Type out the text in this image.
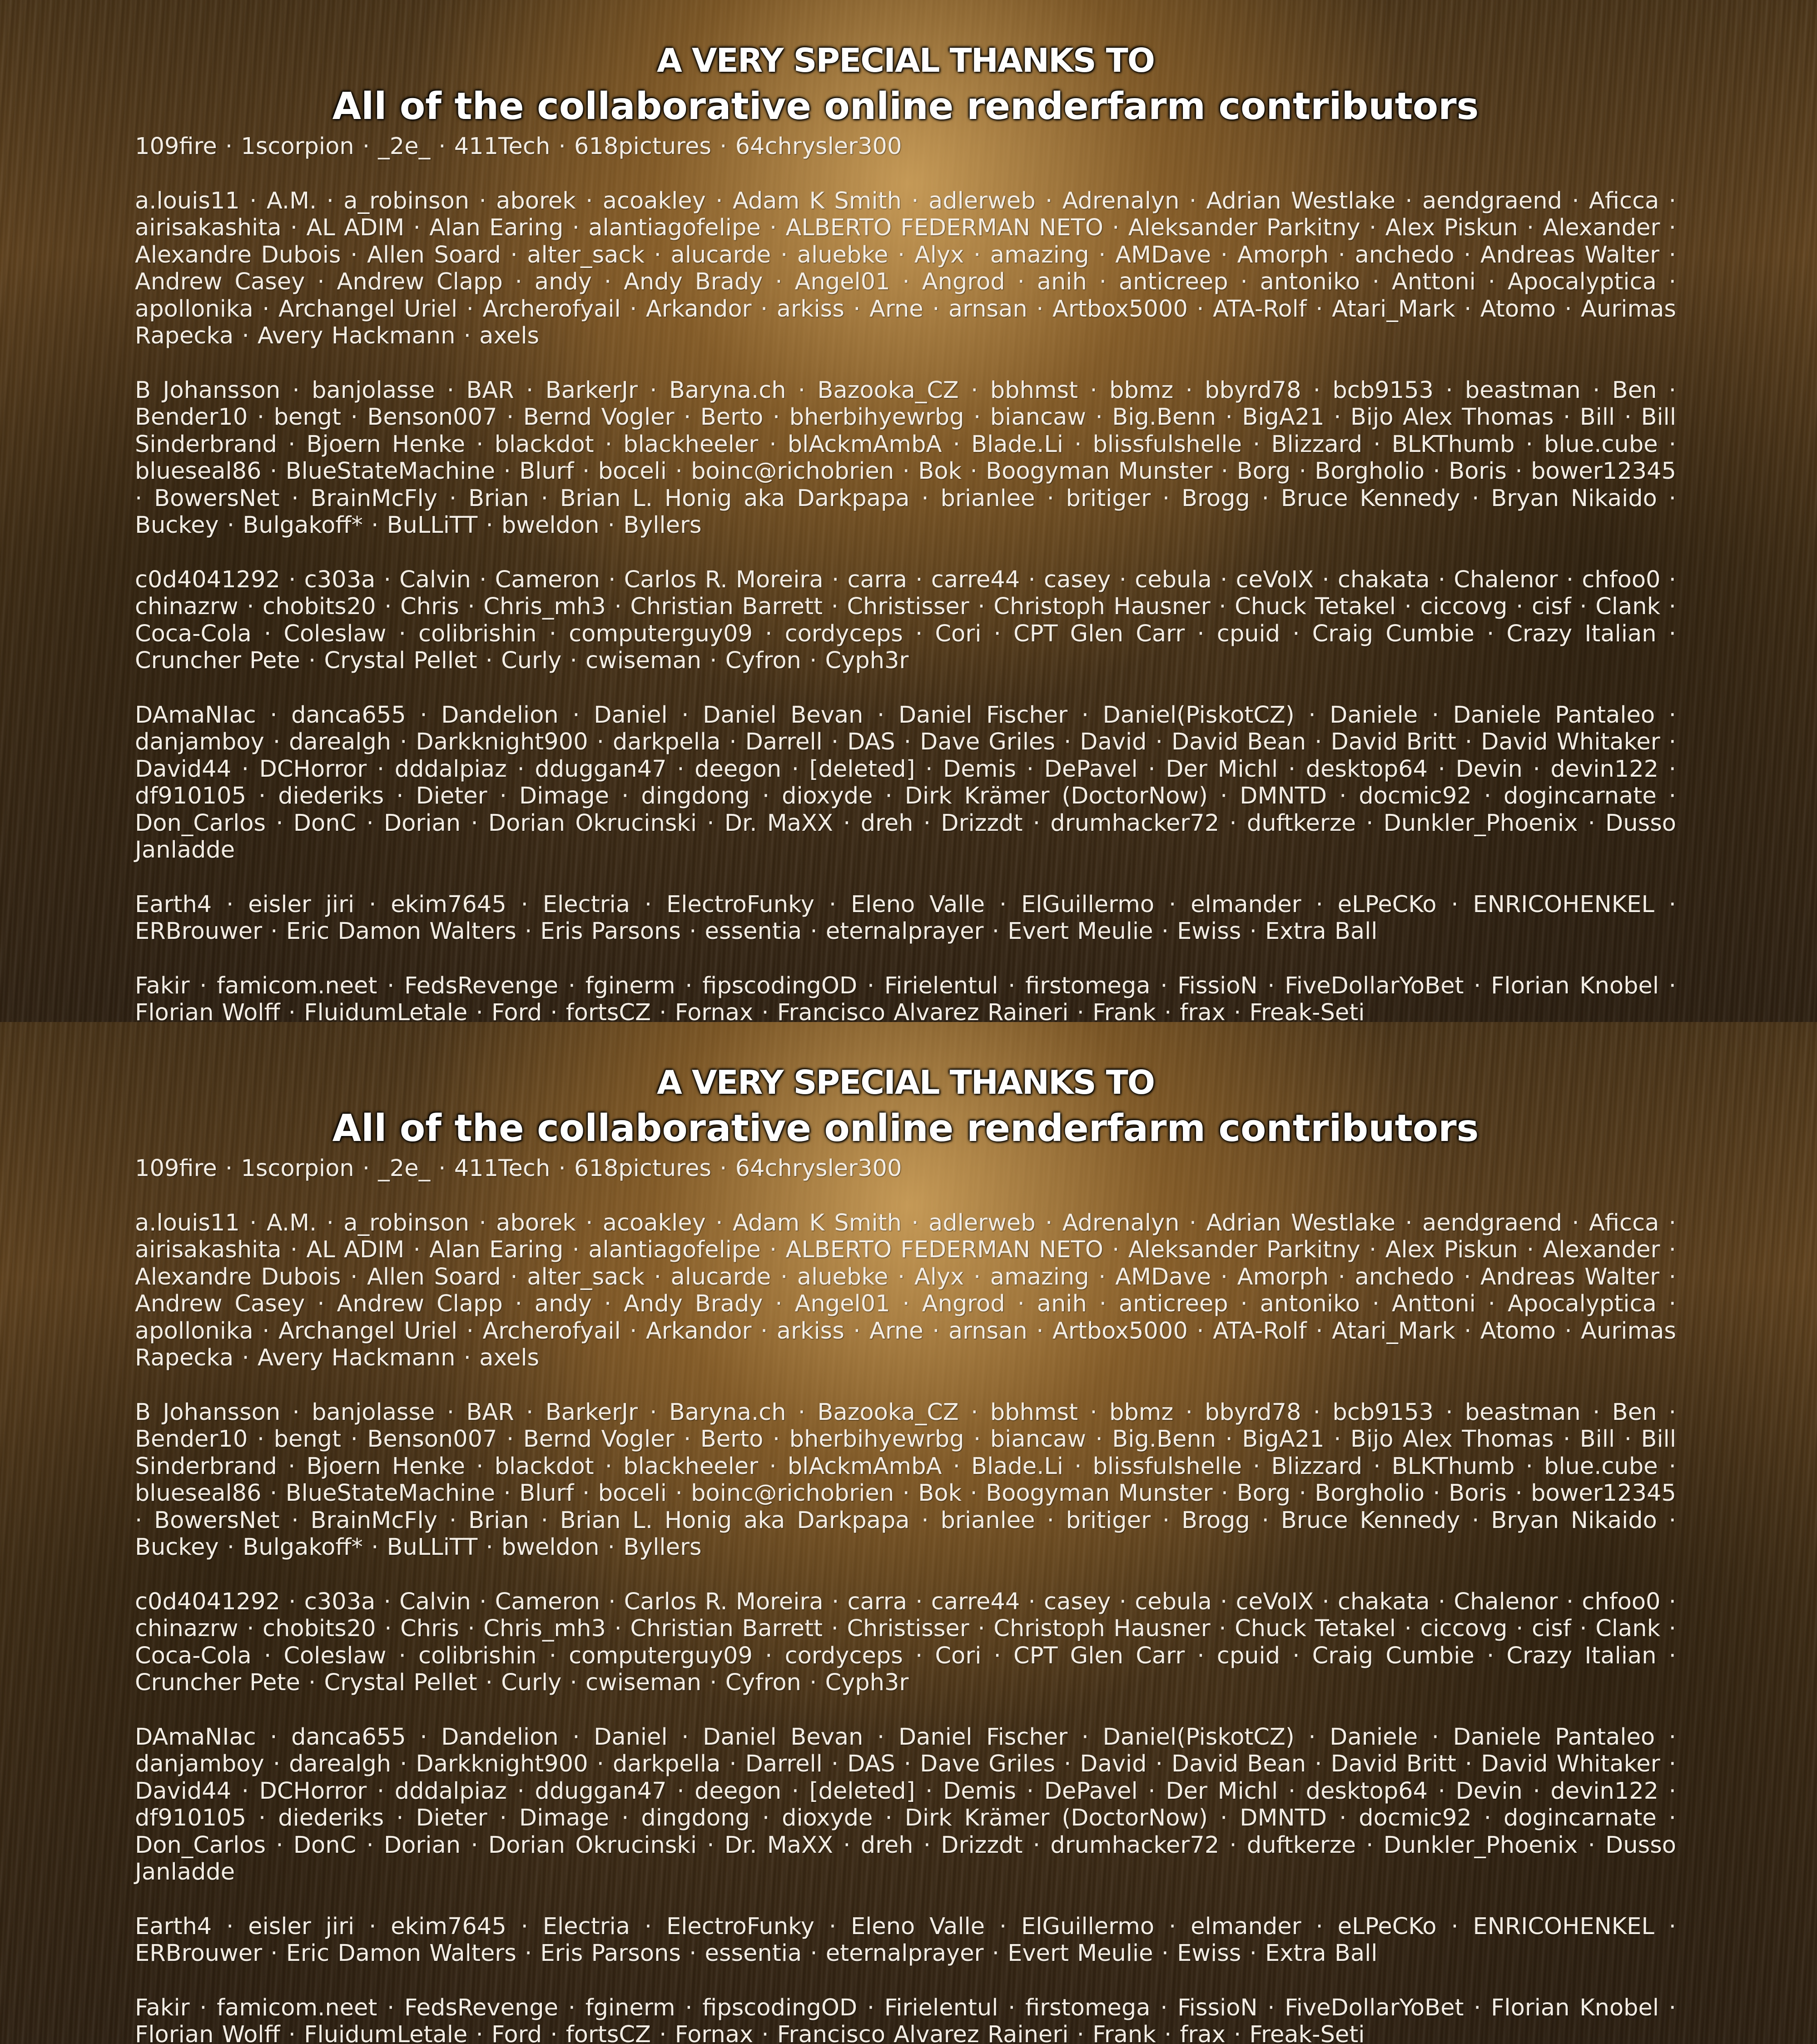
A VERY SPECIAL THANKS TO
All of the collaborative online renderfarm contributors

109fire · 1scorpion · _2e_ · 411Tech · 618pictures · 64chrysler300

a.louis11 · A.M. · a_robinson · aborek · acoakley · Adam K Smith · adlerweb · Adrenalyn · Adrian Westlake · aendgraend · Aficca · airisakashita · AL ADIM · Alan Earing · alantiagofelipe · ALBERTO FEDERMAN NETO · Aleksander Parkitny · Alex Piskun · Alexander · Alexandre Dubois · Allen Soard · alter_sack · alucarde · aluebke · Alyx · amazing · AMDave · Amorph · anchedo · Andreas Walter · Andrew Casey · Andrew Clapp · andy · Andy Brady · Angel01 · Angrod · anih · anticreep · antoniko · Anttoni · Apocalyptica · apollonika · Archangel Uriel · Archerofyail · Arkandor · arkiss · Arne · arnsan · Artbox5000 · ATA-Rolf · Atari_Mark · Atomo · Aurimas Rapecka · Avery Hackmann · axels

B Johansson · banjolasse · BAR · BarkerJr · Baryna.ch · Bazooka_CZ · bbhmst · bbmz · bbyrd78 · bcb9153 · beastman · Ben · Bender10 · bengt · Benson007 · Bernd Vogler · Berto · bherbihyewrbg · biancaw · Big.Benn · BigA21 · Bijo Alex Thomas · Bill · Bill Sinderbrand · Bjoern Henke · blackdot · blackheeler · blAckmAmbA · Blade.Li · blissfulshelle · Blizzard · BLKThumb · blue.cube · blueseal86 · BlueStateMachine · Blurf · boceli · boinc@richobrien · Bok · Boogyman Munster · Borg · Borgholio · Boris · bower12345 · BowersNet · BrainMcFly · Brian · Brian L. Honig aka Darkpapa · brianlee · britiger · Brogg · Bruce Kennedy · Bryan Nikaido · Buckey · Bulgakoff* · BuLLiTT · bweldon · Byllers

c0d4041292 · c303a · Calvin · Cameron · Carlos R. Moreira · carra · carre44 · casey · cebula · ceVoIX · chakata · Chalenor · chfoo0 · chinazrw · chobits20 · Chris · Chris_mh3 · Christian Barrett · Christisser · Christoph Hausner · Chuck Tetakel · ciccovg · cisf · Clank · Coca-Cola · Coleslaw · colibrishin · computerguy09 · cordyceps · Cori · CPT Glen Carr · cpuid · Craig Cumbie · Crazy Italian · Cruncher Pete · Crystal Pellet · Curly · cwiseman · Cyfron · Cyph3r

DAmaNIac · danca655 · Dandelion · Daniel · Daniel Bevan · Daniel Fischer · Daniel(PiskotCZ) · Daniele · Daniele Pantaleo · danjamboy · darealgh · Darkknight900 · darkpella · Darrell · DAS · Dave Griles · David · David Bean · David Britt · David Whitaker · David44 · DCHorror · dddalpiaz · dduggan47 · deegon · [deleted] · Demis · DePavel · Der Michl · desktop64 · Devin · devin122 · df910105 · diederiks · Dieter · Dimage · dingdong · dioxyde · Dirk Krämer (DoctorNow) · DMNTD · docmic92 · dogincarnate · Don_Carlos · DonC · Dorian · Dorian Okrucinski · Dr. MaXX · dreh · Drizzdt · drumhacker72 · duftkerze · Dunkler_Phoenix · Dusso Janladde

Earth4 · eisler jiri · ekim7645 · Electria · ElectroFunky · Eleno Valle · ElGuillermo · elmander · eLPeCKo · ENRICOHENKEL · ERBrouwer · Eric Damon Walters · Eris Parsons · essentia · eternalprayer · Evert Meulie · Ewiss · Extra Ball

Fakir · famicom.neet · FedsRevenge · fginerm · fipscodingOD · Firielentul · firstomega · FissioN · FiveDollarYoBet · Florian Knobel · Florian Wolff · FluidumLetale · Ford · fortsCZ · Fornax · Francisco Alvarez Raineri · Frank · frax · Freak-Seti

A VERY SPECIAL THANKS TO
All of the collaborative online renderfarm contributors

109fire · 1scorpion · _2e_ · 411Tech · 618pictures · 64chrysler300

a.louis11 · A.M. · a_robinson · aborek · acoakley · Adam K Smith · adlerweb · Adrenalyn · Adrian Westlake · aendgraend · Aficca · airisakashita · AL ADIM · Alan Earing · alantiagofelipe · ALBERTO FEDERMAN NETO · Aleksander Parkitny · Alex Piskun · Alexander · Alexandre Dubois · Allen Soard · alter_sack · alucarde · aluebke · Alyx · amazing · AMDave · Amorph · anchedo · Andreas Walter · Andrew Casey · Andrew Clapp · andy · Andy Brady · Angel01 · Angrod · anih · anticreep · antoniko · Anttoni · Apocalyptica · apollonika · Archangel Uriel · Archerofyail · Arkandor · arkiss · Arne · arnsan · Artbox5000 · ATA-Rolf · Atari_Mark · Atomo · Aurimas Rapecka · Avery Hackmann · axels

B Johansson · banjolasse · BAR · BarkerJr · Baryna.ch · Bazooka_CZ · bbhmst · bbmz · bbyrd78 · bcb9153 · beastman · Ben · Bender10 · bengt · Benson007 · Bernd Vogler · Berto · bherbihyewrbg · biancaw · Big.Benn · BigA21 · Bijo Alex Thomas · Bill · Bill Sinderbrand · Bjoern Henke · blackdot · blackheeler · blAckmAmbA · Blade.Li · blissfulshelle · Blizzard · BLKThumb · blue.cube · blueseal86 · BlueStateMachine · Blurf · boceli · boinc@richobrien · Bok · Boogyman Munster · Borg · Borgholio · Boris · bower12345 · BowersNet · BrainMcFly · Brian · Brian L. Honig aka Darkpapa · brianlee · britiger · Brogg · Bruce Kennedy · Bryan Nikaido · Buckey · Bulgakoff* · BuLLiTT · bweldon · Byllers

c0d4041292 · c303a · Calvin · Cameron · Carlos R. Moreira · carra · carre44 · casey · cebula · ceVoIX · chakata · Chalenor · chfoo0 · chinazrw · chobits20 · Chris · Chris_mh3 · Christian Barrett · Christisser · Christoph Hausner · Chuck Tetakel · ciccovg · cisf · Clank · Coca-Cola · Coleslaw · colibrishin · computerguy09 · cordyceps · Cori · CPT Glen Carr · cpuid · Craig Cumbie · Crazy Italian · Cruncher Pete · Crystal Pellet · Curly · cwiseman · Cyfron · Cyph3r

DAmaNIac · danca655 · Dandelion · Daniel · Daniel Bevan · Daniel Fischer · Daniel(PiskotCZ) · Daniele · Daniele Pantaleo · danjamboy · darealgh · Darkknight900 · darkpella · Darrell · DAS · Dave Griles · David · David Bean · David Britt · David Whitaker · David44 · DCHorror · dddalpiaz · dduggan47 · deegon · [deleted] · Demis · DePavel · Der Michl · desktop64 · Devin · devin122 · df910105 · diederiks · Dieter · Dimage · dingdong · dioxyde · Dirk Krämer (DoctorNow) · DMNTD · docmic92 · dogincarnate · Don_Carlos · DonC · Dorian · Dorian Okrucinski · Dr. MaXX · dreh · Drizzdt · drumhacker72 · duftkerze · Dunkler_Phoenix · Dusso Janladde

Earth4 · eisler jiri · ekim7645 · Electria · ElectroFunky · Eleno Valle · ElGuillermo · elmander · eLPeCKo · ENRICOHENKEL · ERBrouwer · Eric Damon Walters · Eris Parsons · essentia · eternalprayer · Evert Meulie · Ewiss · Extra Ball

Fakir · famicom.neet · FedsRevenge · fginerm · fipscodingOD · Firielentul · firstomega · FissioN · FiveDollarYoBet · Florian Knobel · Florian Wolff · FluidumLetale · Ford · fortsCZ · Fornax · Francisco Alvarez Raineri · Frank · frax · Freak-Seti
